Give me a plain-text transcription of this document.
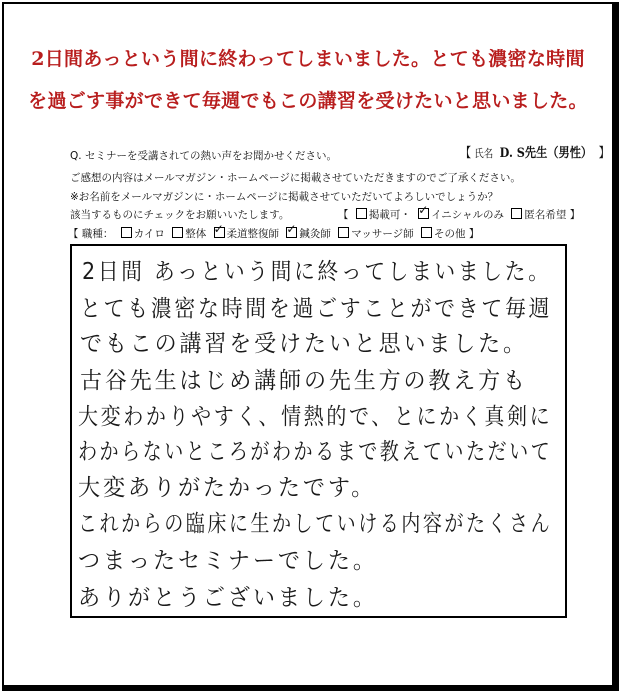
2日間あっという間に終わってしまいました。とても濃密な時間
を過ごす事ができて毎週でもこの講習を受けたいと思いました。
Q. セミナーを受講されての熱い声をお聞かせください。	【 氏名 D. S先生（男性） 】
ご感想の内容はメールマガジン・ホームページに掲載させていただきますのでご了承ください。
※お名前をメールマガジンに・ホームページに掲載させていただいてよろしいでしょうか？
該当するものにチェックをお願いいたします。	【 掲載可・ ✓ イニシャルのみ 匿名希望 】
【 職種： カイロ 整体 ✓ 柔道整復師 ✓ 鍼灸師 マッサージ師 その他 】
2日間 あっという間に終ってしまいました。
とても濃密な時間を過ごすことができて毎週
でもこの講習を受けたいと思いました。
古谷先生はじめ講師の先生方の教え方も
大変わかりやすく、情熱的で、とにかく真剣に
わからないところがわかるまで教えていただいて
大変ありがたかったです。
これからの臨床に生かしていける内容がたくさん
つまったセミナーでした。
ありがとうございました。
